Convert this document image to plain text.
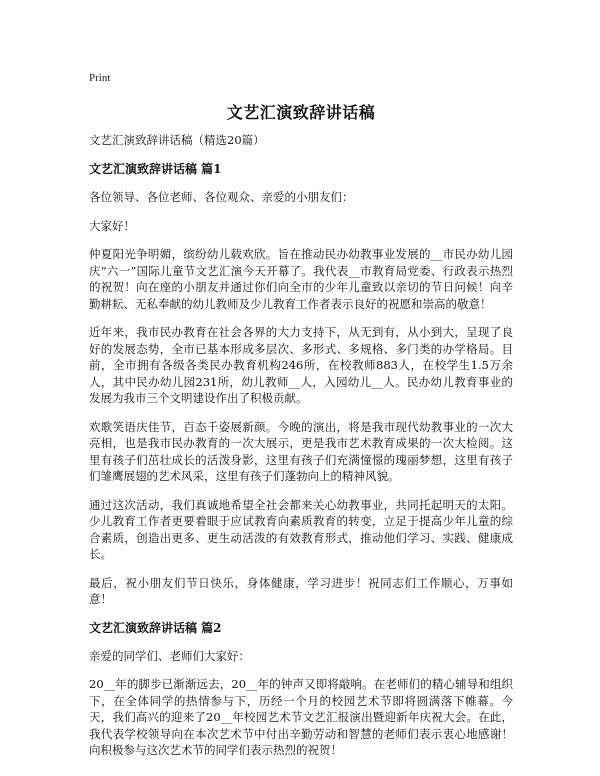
Print
文艺汇演致辞讲话稿
文艺汇演致辞讲话稿（精选20篇）
文艺汇演致辞讲话稿 篇1

各位领导、各位老师、各位观众、亲爱的小朋友们：

大家好！

仲夏阳光争明媚，缤纷幼儿载欢欣。旨在推动民办幼教事业发展的__市民办幼儿园庆“六一”国际儿童节文艺汇演今天开幕了。我代表__市教育局党委、行政表示热烈的祝贺！向在座的小朋友并通过你们向全市的少年儿童致以亲切的节日问候！向辛勤耕耘、无私奉献的幼儿教师及少儿教育工作者表示良好的祝愿和崇高的敬意！

近年来，我市民办教育在社会各界的大力支持下，从无到有，从小到大，呈现了良好的发展态势，全市已基本形成多层次、多形式、多规格、多门类的办学格局。目前，全市拥有各级各类民办教育机构246所，在校教师883人，在校学生1.5万余人，其中民办幼儿园231所，幼儿教师__人，入园幼儿__人。民办幼儿教育事业的发展为我市三个文明建设作出了积极贡献。

欢歌笑语庆佳节，百态千姿展新颜。今晚的演出，将是我市现代幼教事业的一次大亮相，也是我市民办教育的一次大展示，更是我市艺术教育成果的一次大检阅。这里有孩子们茁壮成长的活泼身影，这里有孩子们充满憧憬的瑰丽梦想，这里有孩子们雏鹰展翅的艺术风采，这里有孩子们蓬勃向上的精神风貌。

通过这次活动，我们真诚地希望全社会都来关心幼教事业，共同托起明天的太阳。少儿教育工作者更要着眼于应试教育向素质教育的转变，立足于提高少年儿童的综合素质，创造出更多、更生动活泼的有效教育形式，推动他们学习、实践、健康成长。

最后，祝小朋友们节日快乐，身体健康，学习进步！祝同志们工作顺心，万事如意！

文艺汇演致辞讲话稿 篇2

亲爱的同学们、老师们大家好：

20__年的脚步已渐渐远去，20__年的钟声又即将敲响。在老师们的精心辅导和组织下，在全体同学的热情参与下，历经一个月的校园艺术节即将圆满落下帷幕。今天，我们高兴的迎来了20__年校园艺术节文艺汇报演出暨迎新年庆祝大会。在此，我代表学校领导向在本次艺术节中付出辛勤劳动和智慧的老师们表示衷心地感谢！向积极参与这次艺术节的同学们表示热烈的祝贺！
